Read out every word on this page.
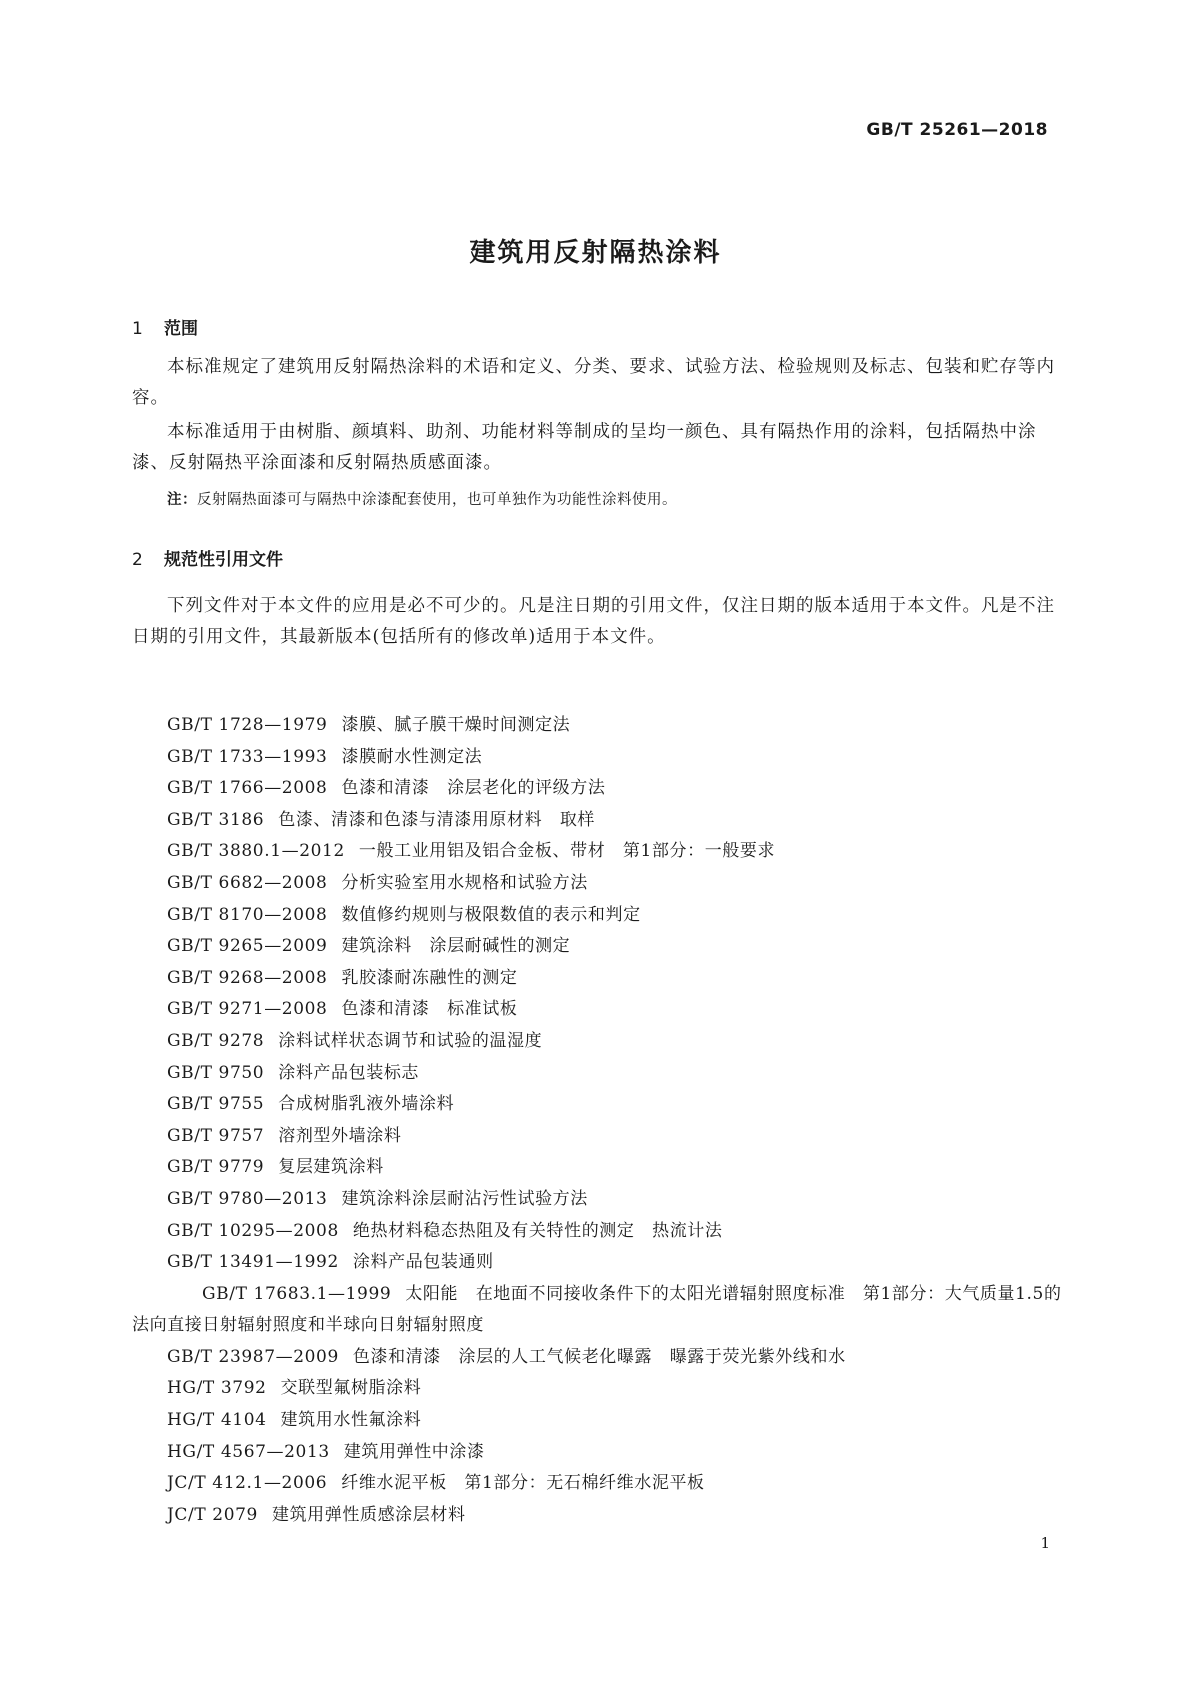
GB/T 25261—2018
建筑用反射隔热涂料
1 范围

本标准规定了建筑用反射隔热涂料的术语和定义、分类、要求、试验方法、检验规则及标志、包装和贮存等内容。

本标准适用于由树脂、颜填料、助剂、功能材料等制成的呈均一颜色、具有隔热作用的涂料，包括隔热中涂漆、反射隔热平涂面漆和反射隔热质感面漆。

注：反射隔热面漆可与隔热中涂漆配套使用，也可单独作为功能性涂料使用。
2 规范性引用文件

下列文件对于本文件的应用是必不可少的。凡是注日期的引用文件，仅注日期的版本适用于本文件。凡是不注日期的引用文件，其最新版本(包括所有的修改单)适用于本文件。

GB/T 1728—1979 漆膜、腻子膜干燥时间测定法
GB/T 1733—1993 漆膜耐水性测定法
GB/T 1766—2008 色漆和清漆　涂层老化的评级方法
GB/T 3186 色漆、清漆和色漆与清漆用原材料　取样
GB/T 3880.1—2012 一般工业用铝及铝合金板、带材　第1部分：一般要求
GB/T 6682—2008 分析实验室用水规格和试验方法
GB/T 8170—2008 数值修约规则与极限数值的表示和判定
GB/T 9265—2009 建筑涂料　涂层耐碱性的测定
GB/T 9268—2008 乳胶漆耐冻融性的测定
GB/T 9271—2008 色漆和清漆　标准试板
GB/T 9278 涂料试样状态调节和试验的温湿度
GB/T 9750 涂料产品包装标志
GB/T 9755 合成树脂乳液外墙涂料
GB/T 9757 溶剂型外墙涂料
GB/T 9779 复层建筑涂料
GB/T 9780—2013 建筑涂料涂层耐沾污性试验方法
GB/T 10295—2008 绝热材料稳态热阻及有关特性的测定　热流计法
GB/T 13491—1992 涂料产品包装通则
GB/T 17683.1—1999 太阳能　在地面不同接收条件下的太阳光谱辐射照度标准　第1部分：大气质量1.5的法向直接日射辐射照度和半球向日射辐射照度
GB/T 23987—2009 色漆和清漆　涂层的人工气候老化曝露　曝露于荧光紫外线和水
HG/T 3792 交联型氟树脂涂料
HG/T 4104 建筑用水性氟涂料
HG/T 4567—2013 建筑用弹性中涂漆
JC/T 412.1—2006 纤维水泥平板　第1部分：无石棉纤维水泥平板
JC/T 2079 建筑用弹性质感涂层材料
1
